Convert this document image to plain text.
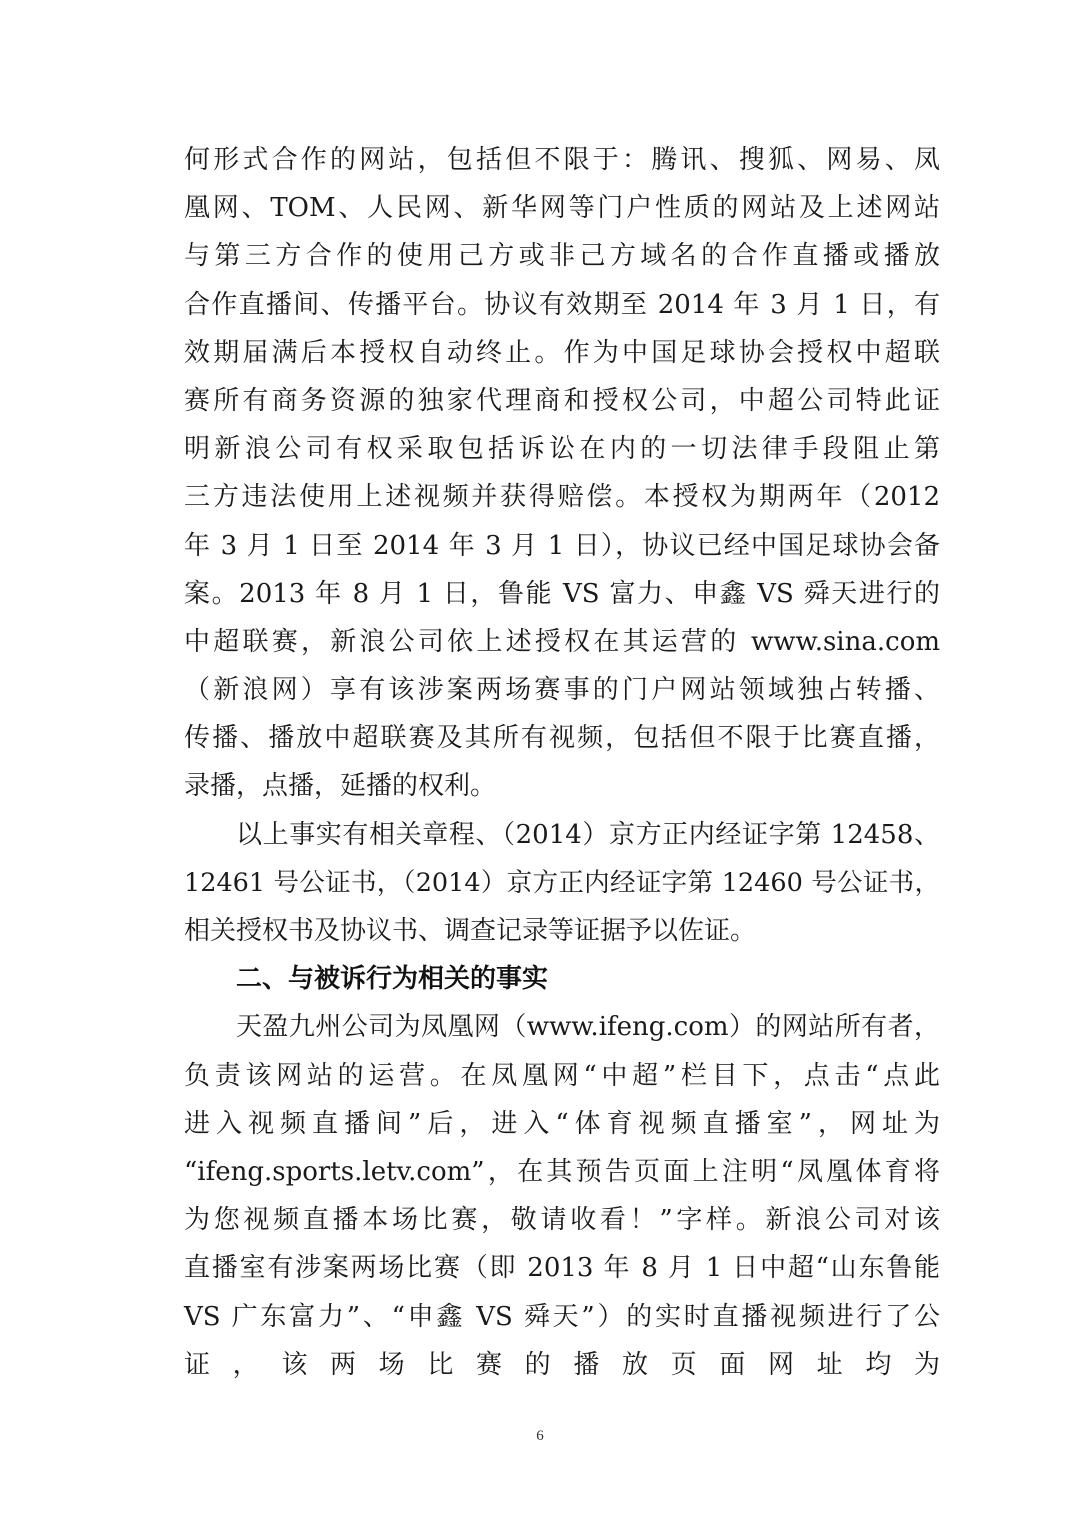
何形式合作的网站，包括但不限于：腾讯、搜狐、网易、凤
凰网、TOM、人民网、新华网等门户性质的网站及上述网站
与第三方合作的使用己方或非己方域名的合作直播或播放
合作直播间、传播平台。协议有效期至 2014 年 3 月 1 日，有
效期届满后本授权自动终止。作为中国足球协会授权中超联
赛所有商务资源的独家代理商和授权公司，中超公司特此证
明新浪公司有权采取包括诉讼在内的一切法律手段阻止第
三方违法使用上述视频并获得赔偿。本授权为期两年（2012
年 3 月 1 日至 2014 年 3 月 1 日），协议已经中国足球协会备
案。2013 年 8 月 1 日，鲁能 VS 富力、申鑫 VS 舜天进行的
中超联赛，新浪公司依上述授权在其运营的 www.sina.com
（新浪网）享有该涉案两场赛事的门户网站领域独占转播、
传播、播放中超联赛及其所有视频，包括但不限于比赛直播，
录播，点播，延播的权利。
以上事实有相关章程、（2014）京方正内经证字第 12458、
12461 号公证书，（2014）京方正内经证字第 12460 号公证书，
相关授权书及协议书、调查记录等证据予以佐证。
二、与被诉行为相关的事实
天盈九州公司为凤凰网（www.ifeng.com）的网站所有者，
负责该网站的运营。在凤凰网“中超”栏目下，点击“点此
进入视频直播间”后，进入“体育视频直播室”，网址为
“ifeng.sports.letv.com”，在其预告页面上注明“凤凰体育将
为您视频直播本场比赛，敬请收看！”字样。新浪公司对该
直播室有涉案两场比赛（即 2013 年 8 月 1 日中超“山东鲁能
VS 广东富力”、“申鑫 VS 舜天”）的实时直播视频进行了公
证，该两场比赛的播放页面网址均为
6
